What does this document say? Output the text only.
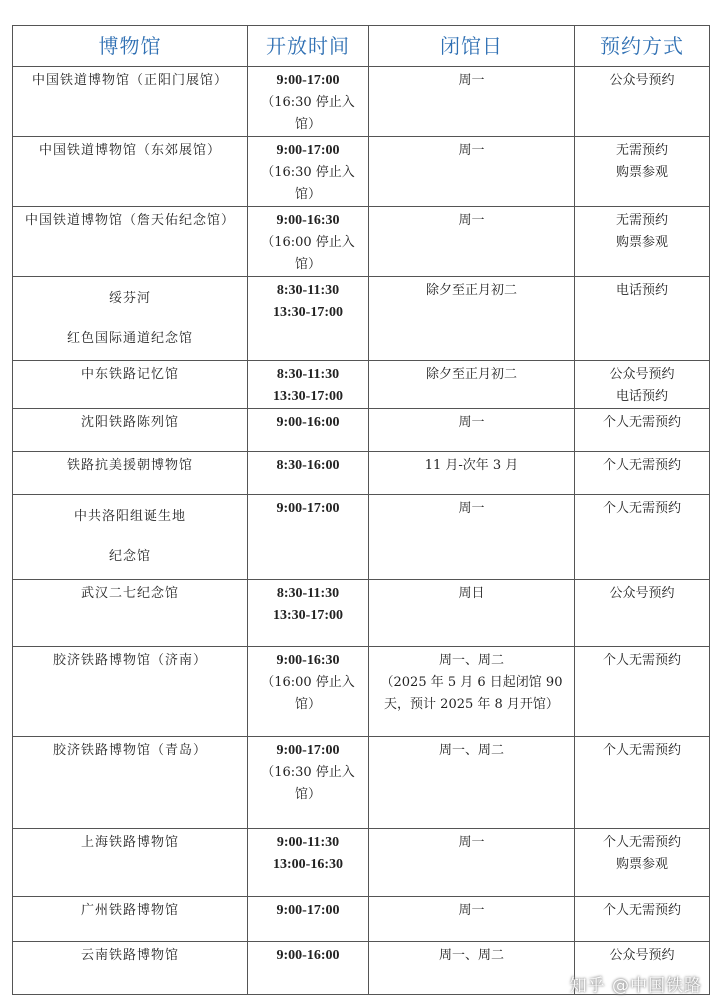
博物馆	开放时间	闭馆日	预约方式

中国铁道博物馆（正阳门展馆）	9:00-17:00
（16:30 停止入
馆）	周一	公众号预约

中国铁道博物馆（东郊展馆）	9:00-17:00
（16:30 停止入
馆）	周一	无需预约
购票参观

中国铁道博物馆（詹天佑纪念馆）	9:00-16:30
（16:00 停止入
馆）	周一	无需预约
购票参观

绥芬河
红色国际通道纪念馆	8:30-11:30
13:30-17:00	除夕至正月初二	电话预约

中东铁路记忆馆	8:30-11:30
13:30-17:00	除夕至正月初二	公众号预约
电话预约

沈阳铁路陈列馆	9:00-16:00	周一	个人无需预约

铁路抗美援朝博物馆	8:30-16:00	11 月-次年 3 月	个人无需预约

中共洛阳组诞生地
纪念馆	9:00-17:00	周一	个人无需预约

武汉二七纪念馆	8:30-11:30
13:30-17:00	周日	公众号预约

胶济铁路博物馆（济南）	9:00-16:30
（16:00 停止入
馆）	周一、周二
（2025 年 5 月 6 日起闭馆 90
天，预计 2025 年 8 月开馆）	个人无需预约

胶济铁路博物馆（青岛）	9:00-17:00
（16:30 停止入
馆）	周一、周二	个人无需预约

上海铁路博物馆	9:00-11:30
13:00-16:30	周一	个人无需预约
购票参观

广州铁路博物馆	9:00-17:00	周一	个人无需预约

云南铁路博物馆	9:00-16:00	周一、周二	公众号预约
知乎 @中国铁路
